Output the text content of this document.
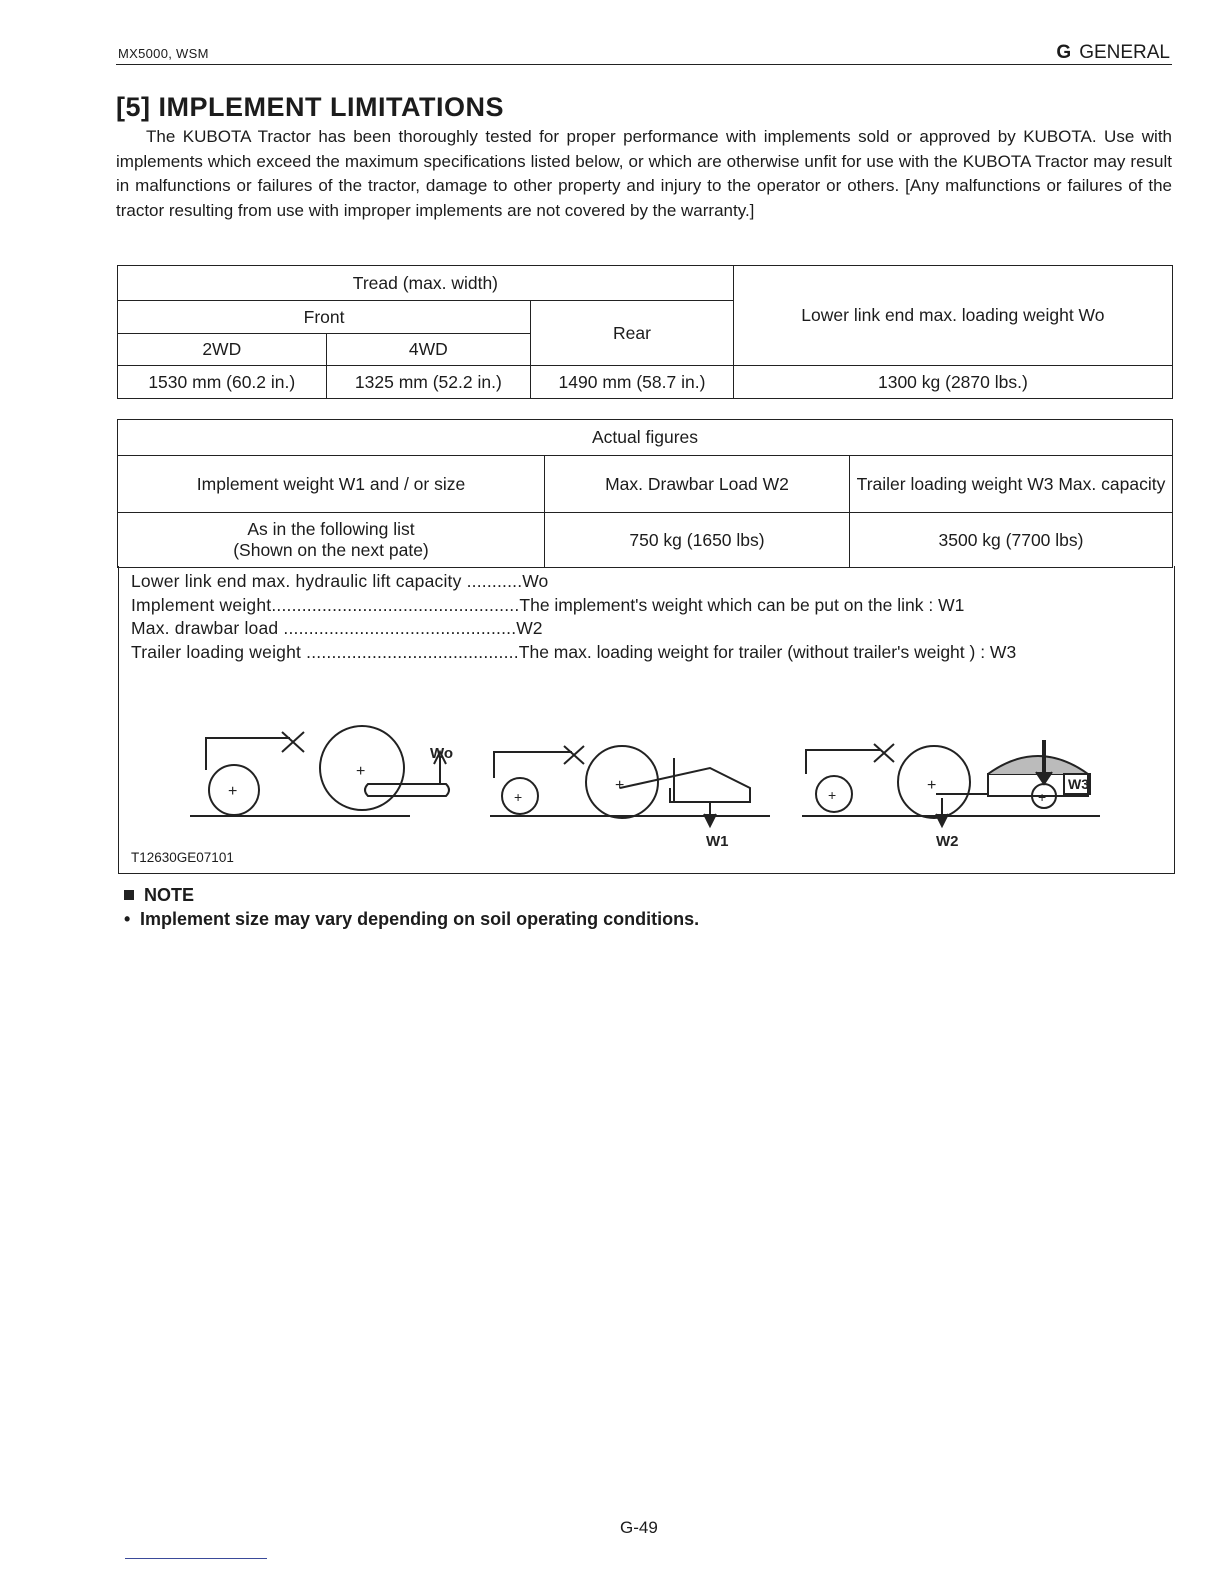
MX5000, WSM	G GENERAL
[5] IMPLEMENT LIMITATIONS
The KUBOTA Tractor has been thoroughly tested for proper performance with implements sold or approved by KUBOTA. Use with implements which exceed the maximum specifications listed below, or which are otherwise unfit for use with the KUBOTA Tractor may result in malfunctions or failures of the tractor, damage to other property and injury to the operator or others. [Any malfunctions or failures of the tractor resulting from use with improper implements are not covered by the warranty.]
Tread (max. width)			Lower link end max. loading weight Wo
Front		Rear	
2WD	4WD		
1530 mm (60.2 in.)	1325 mm (52.2 in.)	1490 mm (58.7 in.)	1300 kg (2870 lbs.)
Actual figures		
Implement weight W1 and / or size	Max. Drawbar Load W2	Trailer loading weight W3 Max. capacity

As in the following list
(Shown on the next pate)	750 kg (1650 lbs)	3500 kg (7700 lbs)
Lower link end max. hydraulic lift capacity ...........Wo
Implement weight.................................................The implement's weight which can be put on the link : W1
Max. drawbar load ..............................................W2
Trailer loading weight ..........................................The max. loading weight for trailer (without trailer's weight ) : W3
+
+
Wo
+
+
W1
+
+
+
W3
W2
T12630GE07101
NOTE
• Implement size may vary depending on soil operating conditions.
G-49
